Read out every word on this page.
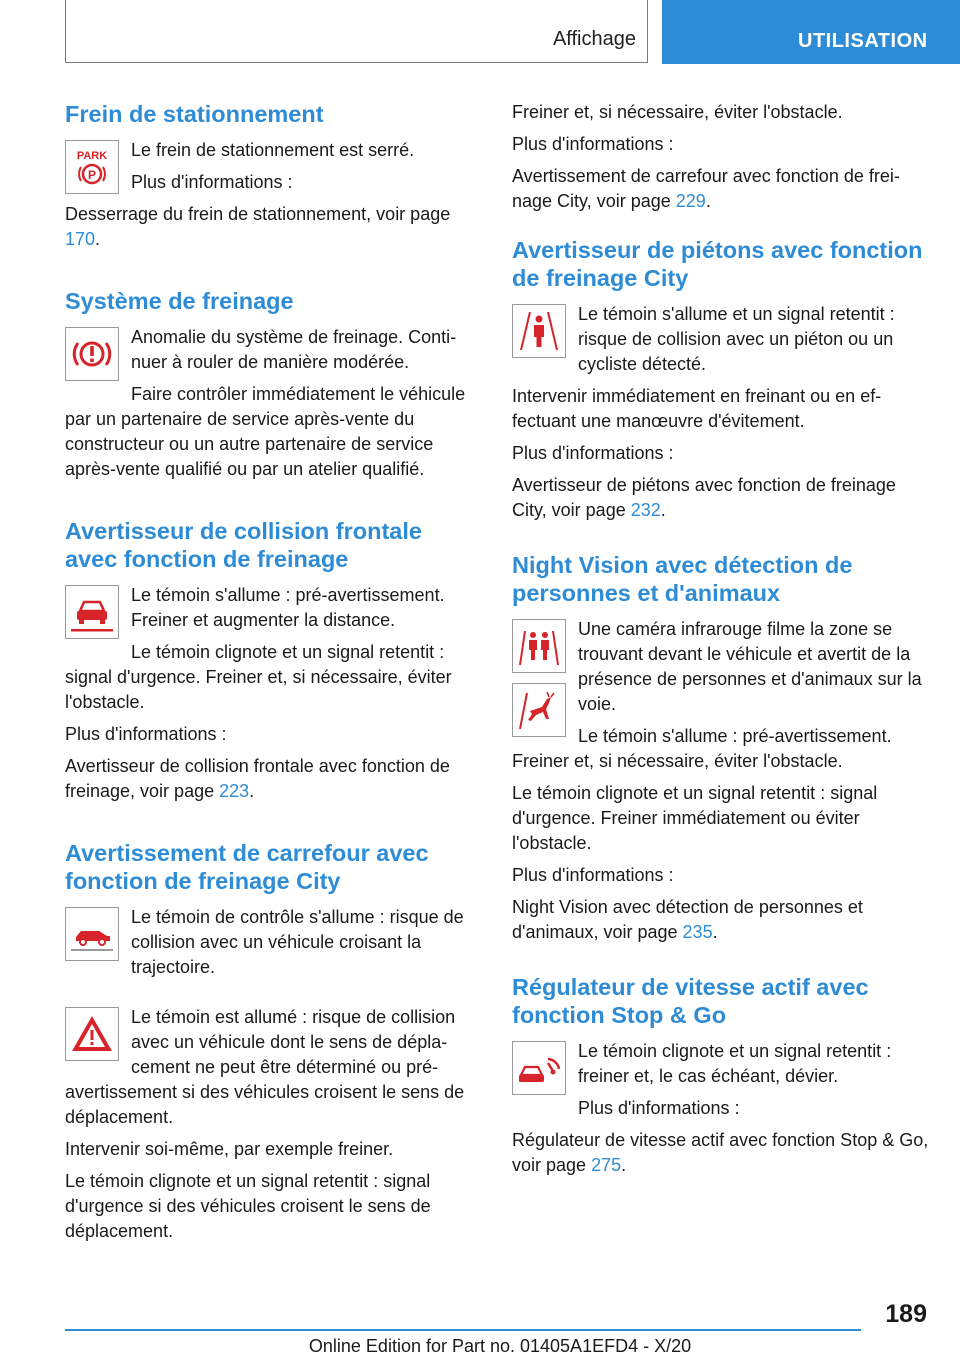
Affichage	UTILISATION
Frein de stationnement
PARK
P

Le frein de stationnement est serré.

Plus d'informations :

Desserrage du frein de stationnement, voir page 170.

Système de freinage

Anomalie du système de freinage. Continuer à rouler de manière modérée.

Faire contrôler immédiatement le véhicule par un partenaire de service après-vente du constructeur ou un autre partenaire de service après-vente qualifié ou par un atelier qualifié.

Avertisseur de collision frontale avec fonction de freinage

Le témoin s'allume : pré-avertissement. Freiner et augmenter la distance.

Le témoin clignote et un signal retentit : signal d'urgence. Freiner et, si nécessaire, éviter l'obstacle.

Plus d'informations :

Avertisseur de collision frontale avec fonction de freinage, voir page 223.

Avertissement de carrefour avec fonction de freinage City

Le témoin de contrôle s'allume : risque de collision avec un véhicule croisant la trajectoire.

Le témoin est allumé : risque de collision avec un véhicule dont le sens de déplacement ne peut être déterminé ou pré-avertissement si des véhicules croisent le sens de déplacement.

Intervenir soi-même, par exemple freiner.

Le témoin clignote et un signal retentit : signal d'urgence si des véhicules croisent le sens de déplacement.

Freiner et, si nécessaire, éviter l'obstacle.

Plus d'informations :

Avertissement de carrefour avec fonction de freinage City, voir page 229.

Avertisseur de piétons avec fonction de freinage City

Le témoin s'allume et un signal retentit : risque de collision avec un piéton ou un cycliste détecté.

Intervenir immédiatement en freinant ou en effectuant une manœuvre d'évitement.

Plus d'informations :

Avertisseur de piétons avec fonction de freinage City, voir page 232.

Night Vision avec détection de personnes et d'animaux

Une caméra infrarouge filme la zone se trouvant devant le véhicule et avertit de la présence de personnes et d'animaux sur la voie.

Le témoin s'allume : pré-avertissement. Freiner et, si nécessaire, éviter l'obstacle.

Le témoin clignote et un signal retentit : signal d'urgence. Freiner immédiatement ou éviter l'obstacle.

Plus d'informations :

Night Vision avec détection de personnes et d'animaux, voir page 235.

Régulateur de vitesse actif avec fonction Stop & Go

Le témoin clignote et un signal retentit : freiner et, le cas échéant, dévier.

Plus d'informations :

Régulateur de vitesse actif avec fonction Stop & Go, voir page 275.

189
Online Edition for Part no. 01405A1EFD4 - X/20
